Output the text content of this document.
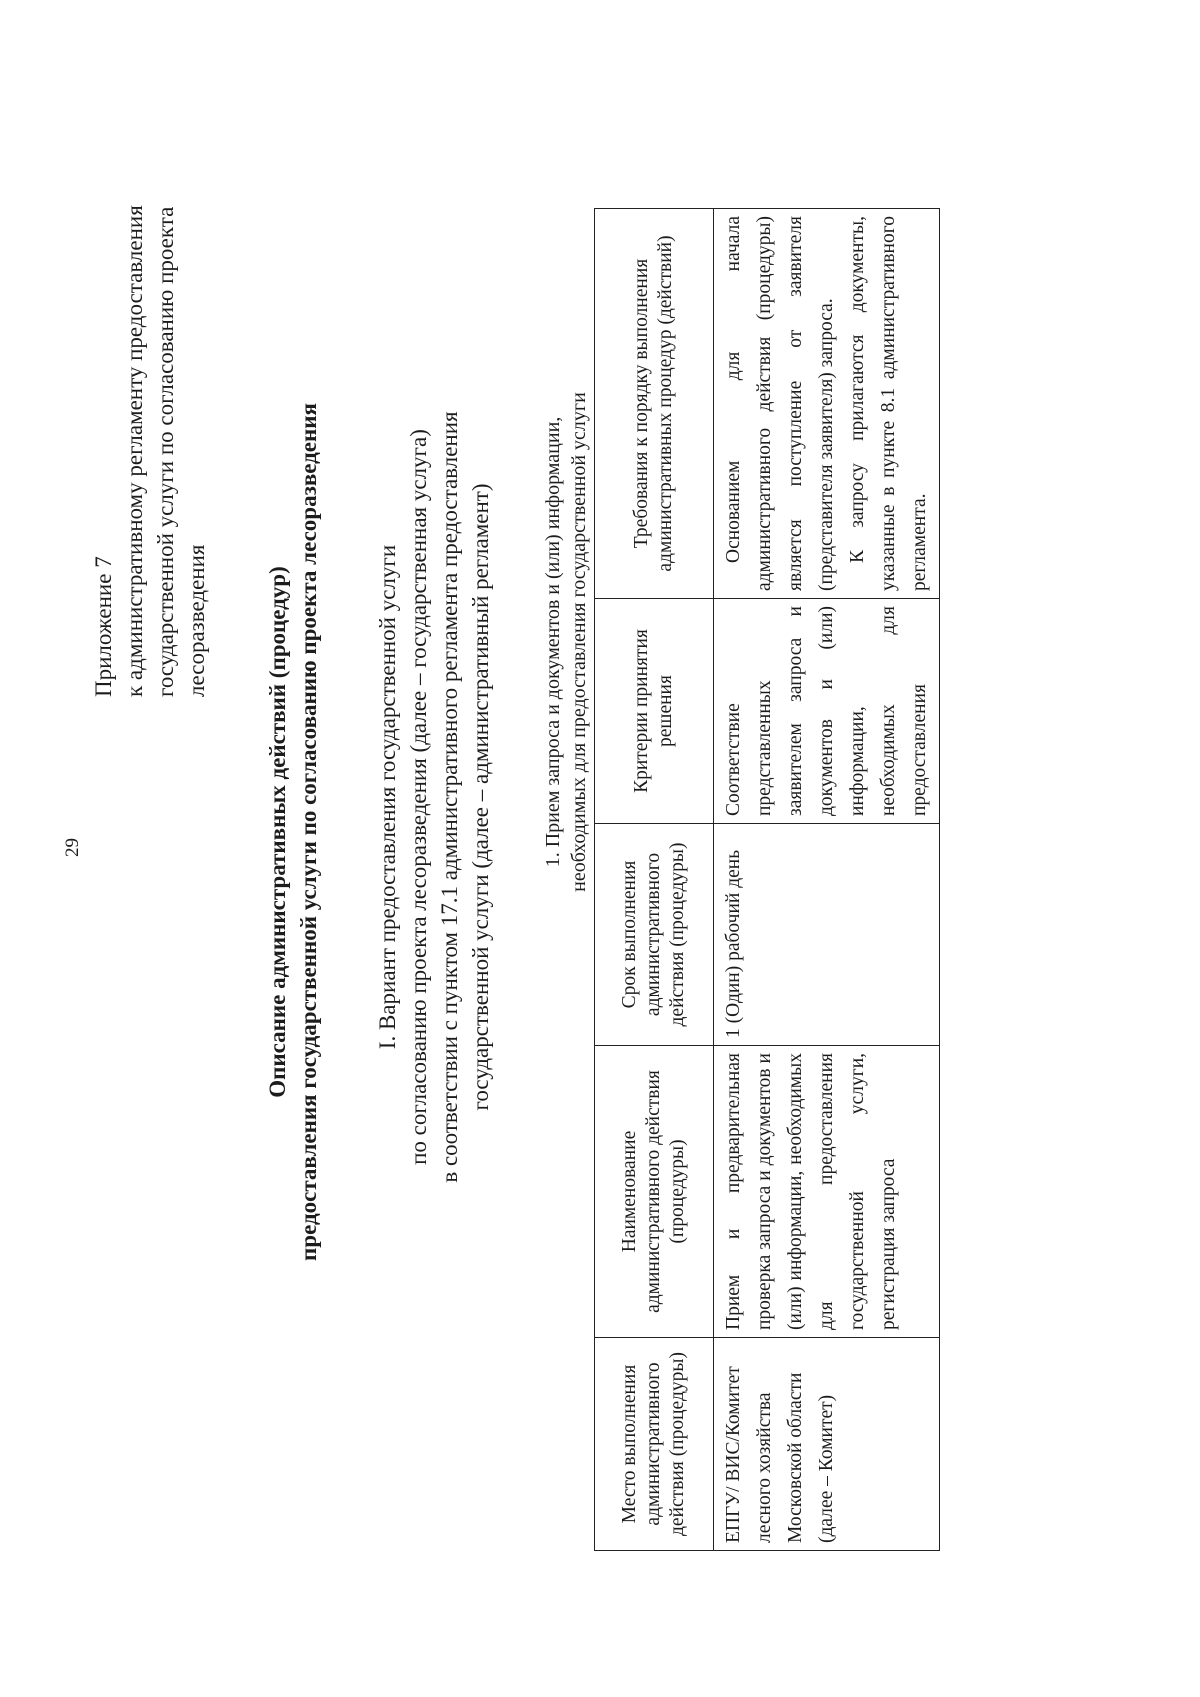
29
Приложение 7 к административному регламенту предоставления государственной услуги по согласованию проекта лесоразведения Описание административных действий (процедур) предоставления государственной услуги по согласованию проекта лесоразведения I. Вариант предоставления государственной услуги по согласованию проекта лесоразведения (далее – государственная услуга) в соответствии с пунктом 17.1 административного регламента предоставления государственной услуги (далее – административный регламент) 1. Прием запроса и документов и (или) информации, необходимых для предоставления государственной услуги
Место выполнения административного действия (процедуры)	Наименование административного действия (процедуры)	Срок выполнения административного действия (процедуры)	Критерии принятия решения	Требования к порядку выполнения административных процедур (действий)
ЕПГУ/ ВИС/Комитет лесного хозяйства Московской области (далее – Комитет)	Прием и предварительная проверка запроса и документов и (или) информации, необходимых для предоставления государственной услуги, регистрация запроса	1 (Один) рабочий день	Соответствие представленных заявителем запроса и документов и (или) информации, необходимых для предоставления	Основанием для начала административного действия (процедуры) является поступление от заявителя (представителя заявителя) запроса. К запросу прилагаются документы, указанные в пункте 8.1 административного регламента.
